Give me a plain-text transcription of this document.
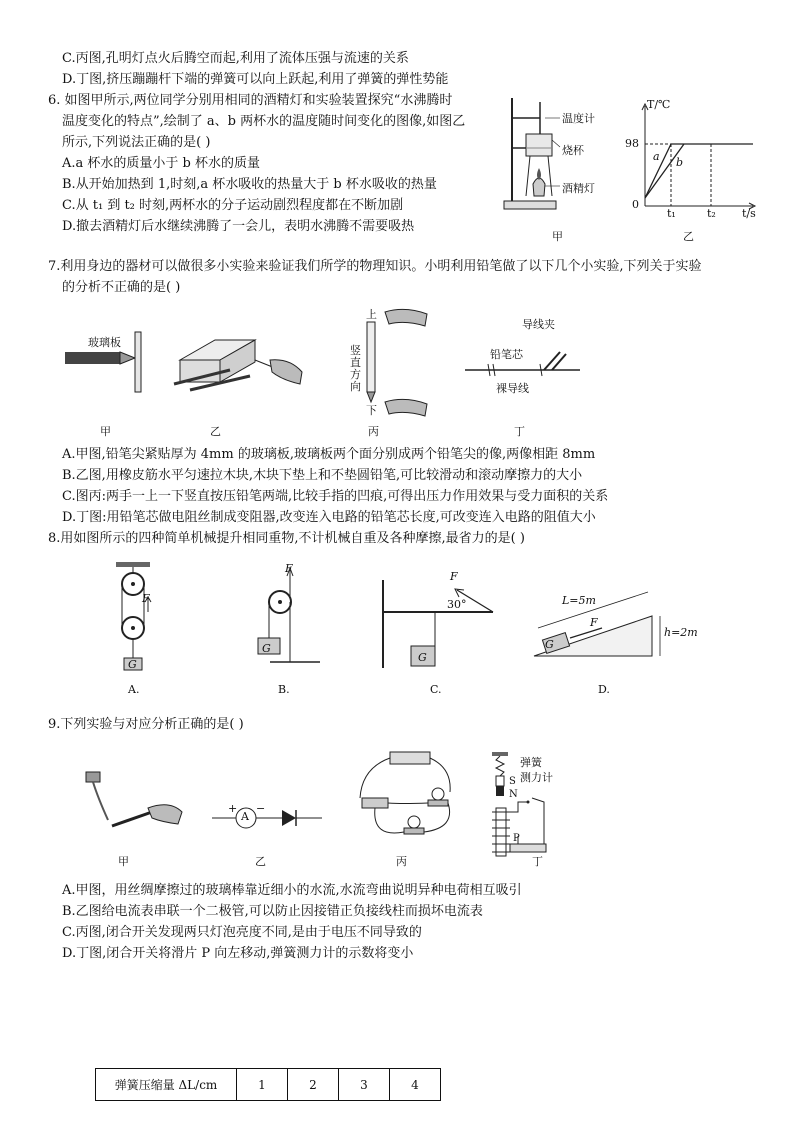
C.丙图,孔明灯点火后腾空而起,利用了流体压强与流速的关系
D.丁图,挤压蹦蹦杆下端的弹簧可以向上跃起,利用了弹簧的弹性势能
6. 如图甲所示,两位同学分别用相同的酒精灯和实验装置探究“水沸腾时
温度变化的特点”,绘制了 a、b 两杯水的温度随时间变化的图像,如图乙
所示,下列说法正确的是( )
A.a 杯水的质量小于 b 杯水的质量
B.从开始加热到 1,时刻,a 杯水吸收的热量大于 b 杯水吸收的热量
C.从 t₁ 到 t₂ 时刻,两杯水的分子运动剧烈程度都在不断加剧
D.撤去酒精灯后水继续沸腾了一会儿，表明水沸腾不需要吸热
温度计
烧杯
酒精灯
甲
T/℃
98
0
a b
t₁	t₂ t/s
乙
7.利用身边的器材可以做很多小实验来验证我们所学的物理知识。小明利用铅笔做了以下几个小实验,下列关于实验
的分析不正确的是( )
玻璃板
甲	乙
上
竖直方向
下
丙
导线夹
铅笔芯
裸导线
丁
A.甲图,铅笔尖紧贴厚为 4mm 的玻璃板,玻璃板两个面分别成两个铅笔尖的像,两像相距 8mm
B.乙图,用橡皮筋水平匀速拉木块,木块下垫上和不垫圆铅笔,可比较滑动和滚动摩擦力的大小
C.图丙:两手一上一下竖直按压铅笔两端,比较手指的凹痕,可得出压力作用效果与受力面积的关系
D.丁图:用铅笔芯做电阻丝制成变阻器,改变连入电路的铅笔芯长度,可改变连入电路的阻值大小
8.用如图所示的四种简单机械提升相同重物,不计机械自重及各种摩擦,最省力的是( )
F
G
A.
F
G
B.
F
30°
G
C.
L=5m
F
G
h=2m
D.
9.下列实验与对应分析正确的是( )
甲
A
+ −
乙	丙
弹簧
测力计
S
N
P
丁
A.甲图，用丝绸摩擦过的玻璃棒靠近细小的水流,水流弯曲说明异种电荷相互吸引
B.乙图给电流表串联一个二极管,可以防止因接错正负接线柱而损坏电流表
C.丙图,闭合开关发现两只灯泡亮度不同,是由于电压不同导致的
D.丁图,闭合开关将滑片 P 向左移动,弹簧测力计的示数将变小
弹簧压缩量 ΔL/cm	1	2	3	4
